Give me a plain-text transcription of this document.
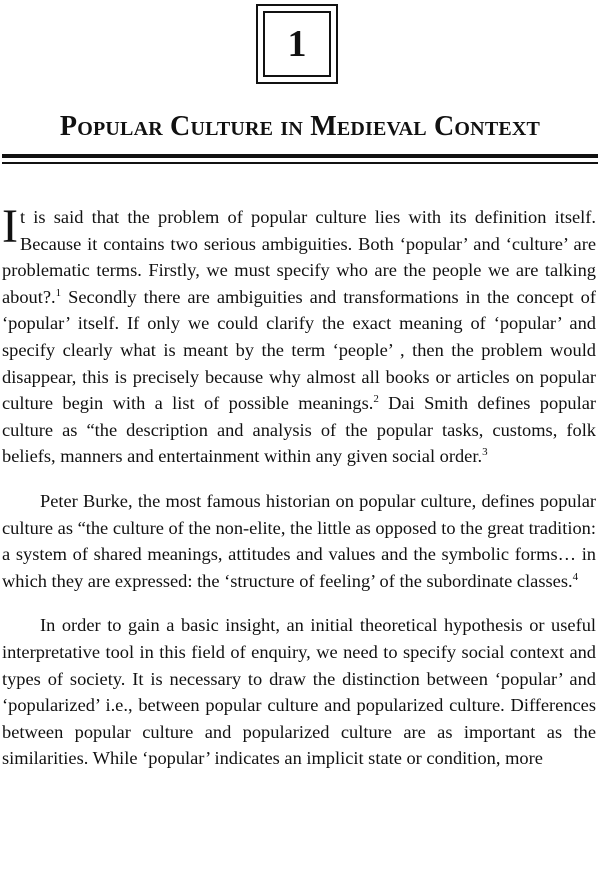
1
Popular Culture in Medieval Context

It is said that the problem of popular culture lies with its definition itself. Because it contains two serious ambiguities. Both ‘popular’ and ‘culture’ are problematic terms. Firstly, we must specify who are the people we are talking about?.$^1$ Secondly there are ambiguities and transformations in the concept of ‘popular’ itself. If only we could clarify the exact meaning of ‘popular’ and specify clearly what is meant by the term ‘people’ , then the problem would disappear, this is precisely because why almost all books or articles on popular culture begin with a list of possible meanings.$^2$ Dai Smith defines popular culture as “the description and analysis of the popular tasks, customs, folk beliefs, manners and entertainment within any given social order.$^3$

Peter Burke, the most famous historian on popular culture, defines popular culture as “the culture of the non-elite, the little as opposed to the great tradition: a system of shared meanings, attitudes and values and the symbolic forms… in which they are expressed: the ‘structure of feeling’ of the subordinate classes.$^4$

In order to gain a basic insight, an initial theoretical hypothesis or useful interpretative tool in this field of enquiry, we need to specify social context and types of society. It is necessary to draw the distinction between ‘popular’ and ‘popularized’ i.e., between popular culture and popularized culture. Differences between popular culture and popularized culture are as important as the similarities. While ‘popular’ indicates an implicit state or condition, more
